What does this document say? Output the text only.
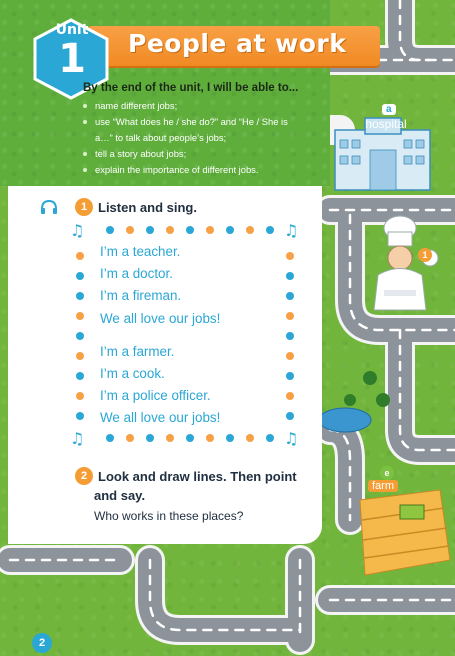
People at work
Unit
1
By the end of the unit, I will be able to...
name different jobs;
use “What does he / she do?” and “He / She is
a…” to talk about people’s jobs;
tell a story about jobs;
explain the importance of different jobs.
a
hospital
1 Listen and sing.
♫	♫
♫	♫
I’m a teacher.
I’m a doctor.
I’m a fireman.
We all love our jobs!
I’m a farmer.
I’m a cook.
I’m a police officer.
We all love our jobs!
2 Look and draw lines. Then point
and say.
Who works in these places?
1
e
farm
2
